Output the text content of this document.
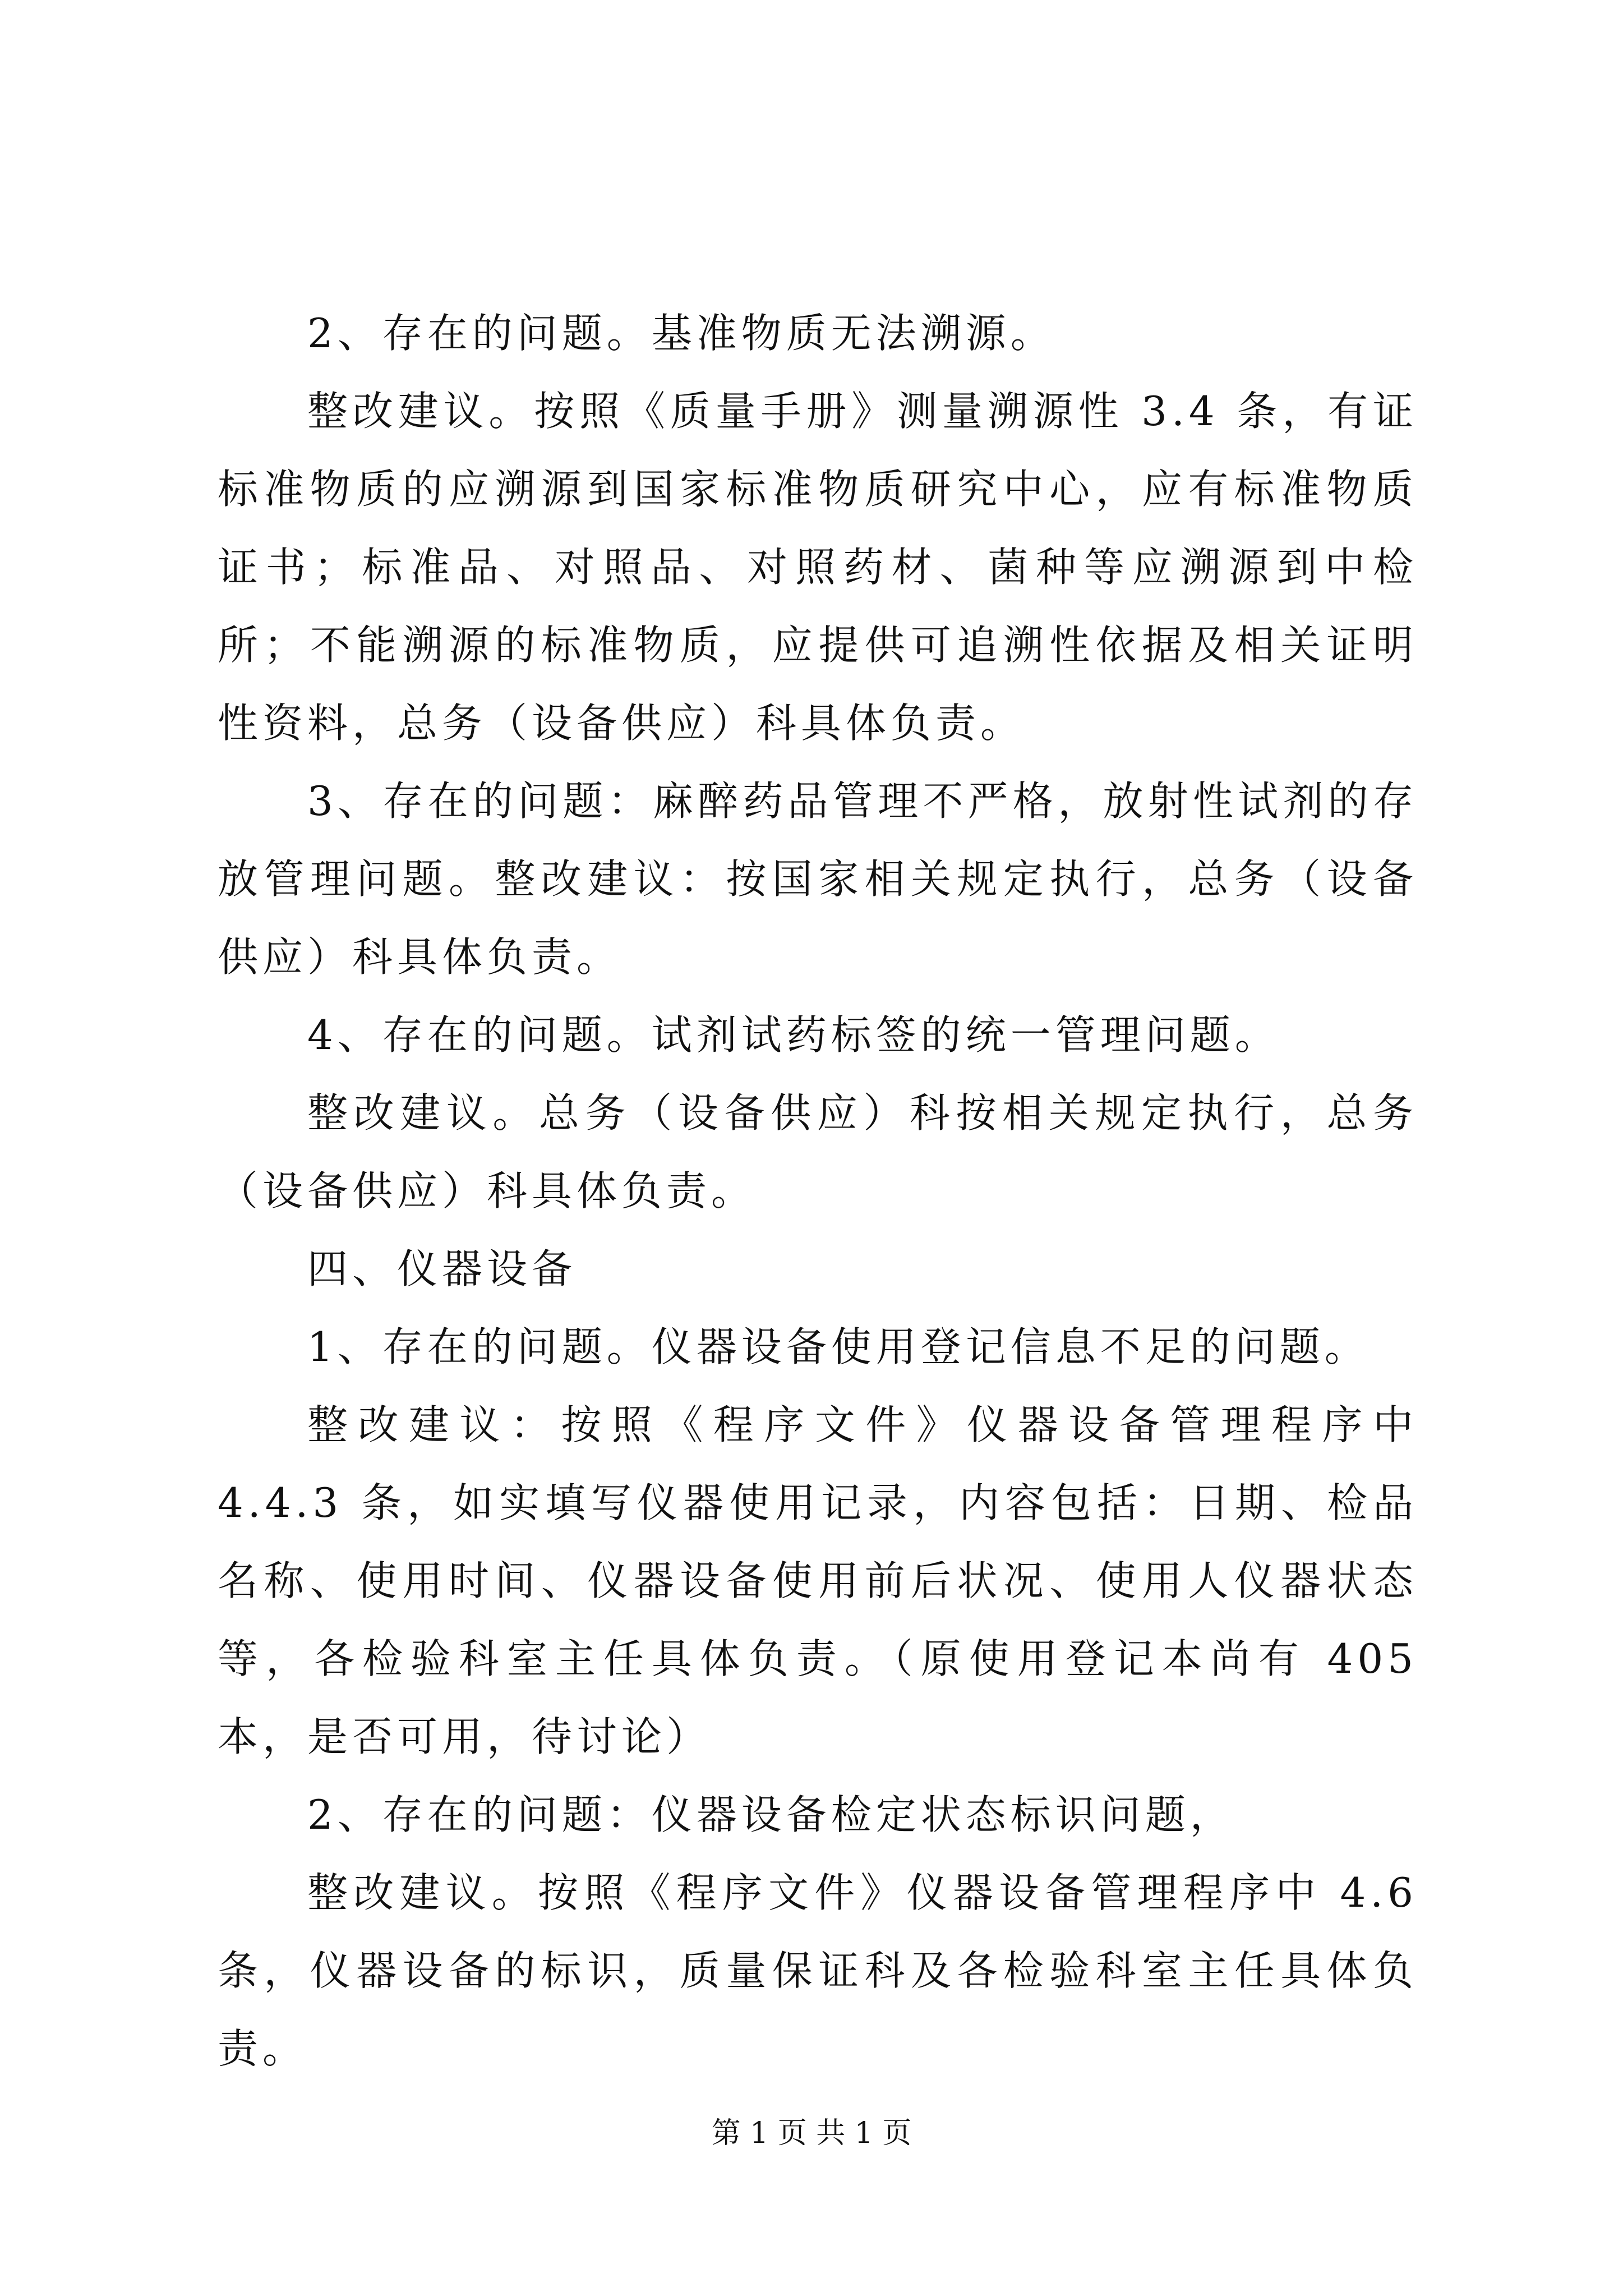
2、存在的问题。基准物质无法溯源。

整改建议。按照《质量手册》测量溯源性 3.4 条，有证标准物质的应溯源到国家标准物质研究中心，应有标准物质证书；标准品、对照品、对照药材、菌种等应溯源到中检所；不能溯源的标准物质，应提供可追溯性依据及相关证明性资料，总务（设备供应）科具体负责。

3、存在的问题：麻醉药品管理不严格，放射性试剂的存放管理问题。整改建议：按国家相关规定执行，总务（设备供应）科具体负责。

4、存在的问题。试剂试药标签的统一管理问题。

整改建议。总务（设备供应）科按相关规定执行，总务（设备供应）科具体负责。

四、仪器设备

1、存在的问题。仪器设备使用登记信息不足的问题。

整改建议：按照《程序文件》仪器设备管理程序中 4.4.3 条，如实填写仪器使用记录，内容包括：日期、检品名称、使用时间、仪器设备使用前后状况、使用人仪器状态等，各检验科室主任具体负责。（原使用登记本尚有 405 本，是否可用，待讨论）

2、存在的问题：仪器设备检定状态标识问题，

整改建议。按照《程序文件》仪器设备管理程序中 4.6 条，仪器设备的标识，质量保证科及各检验科室主任具体负责。

第 1 页 共 1 页
